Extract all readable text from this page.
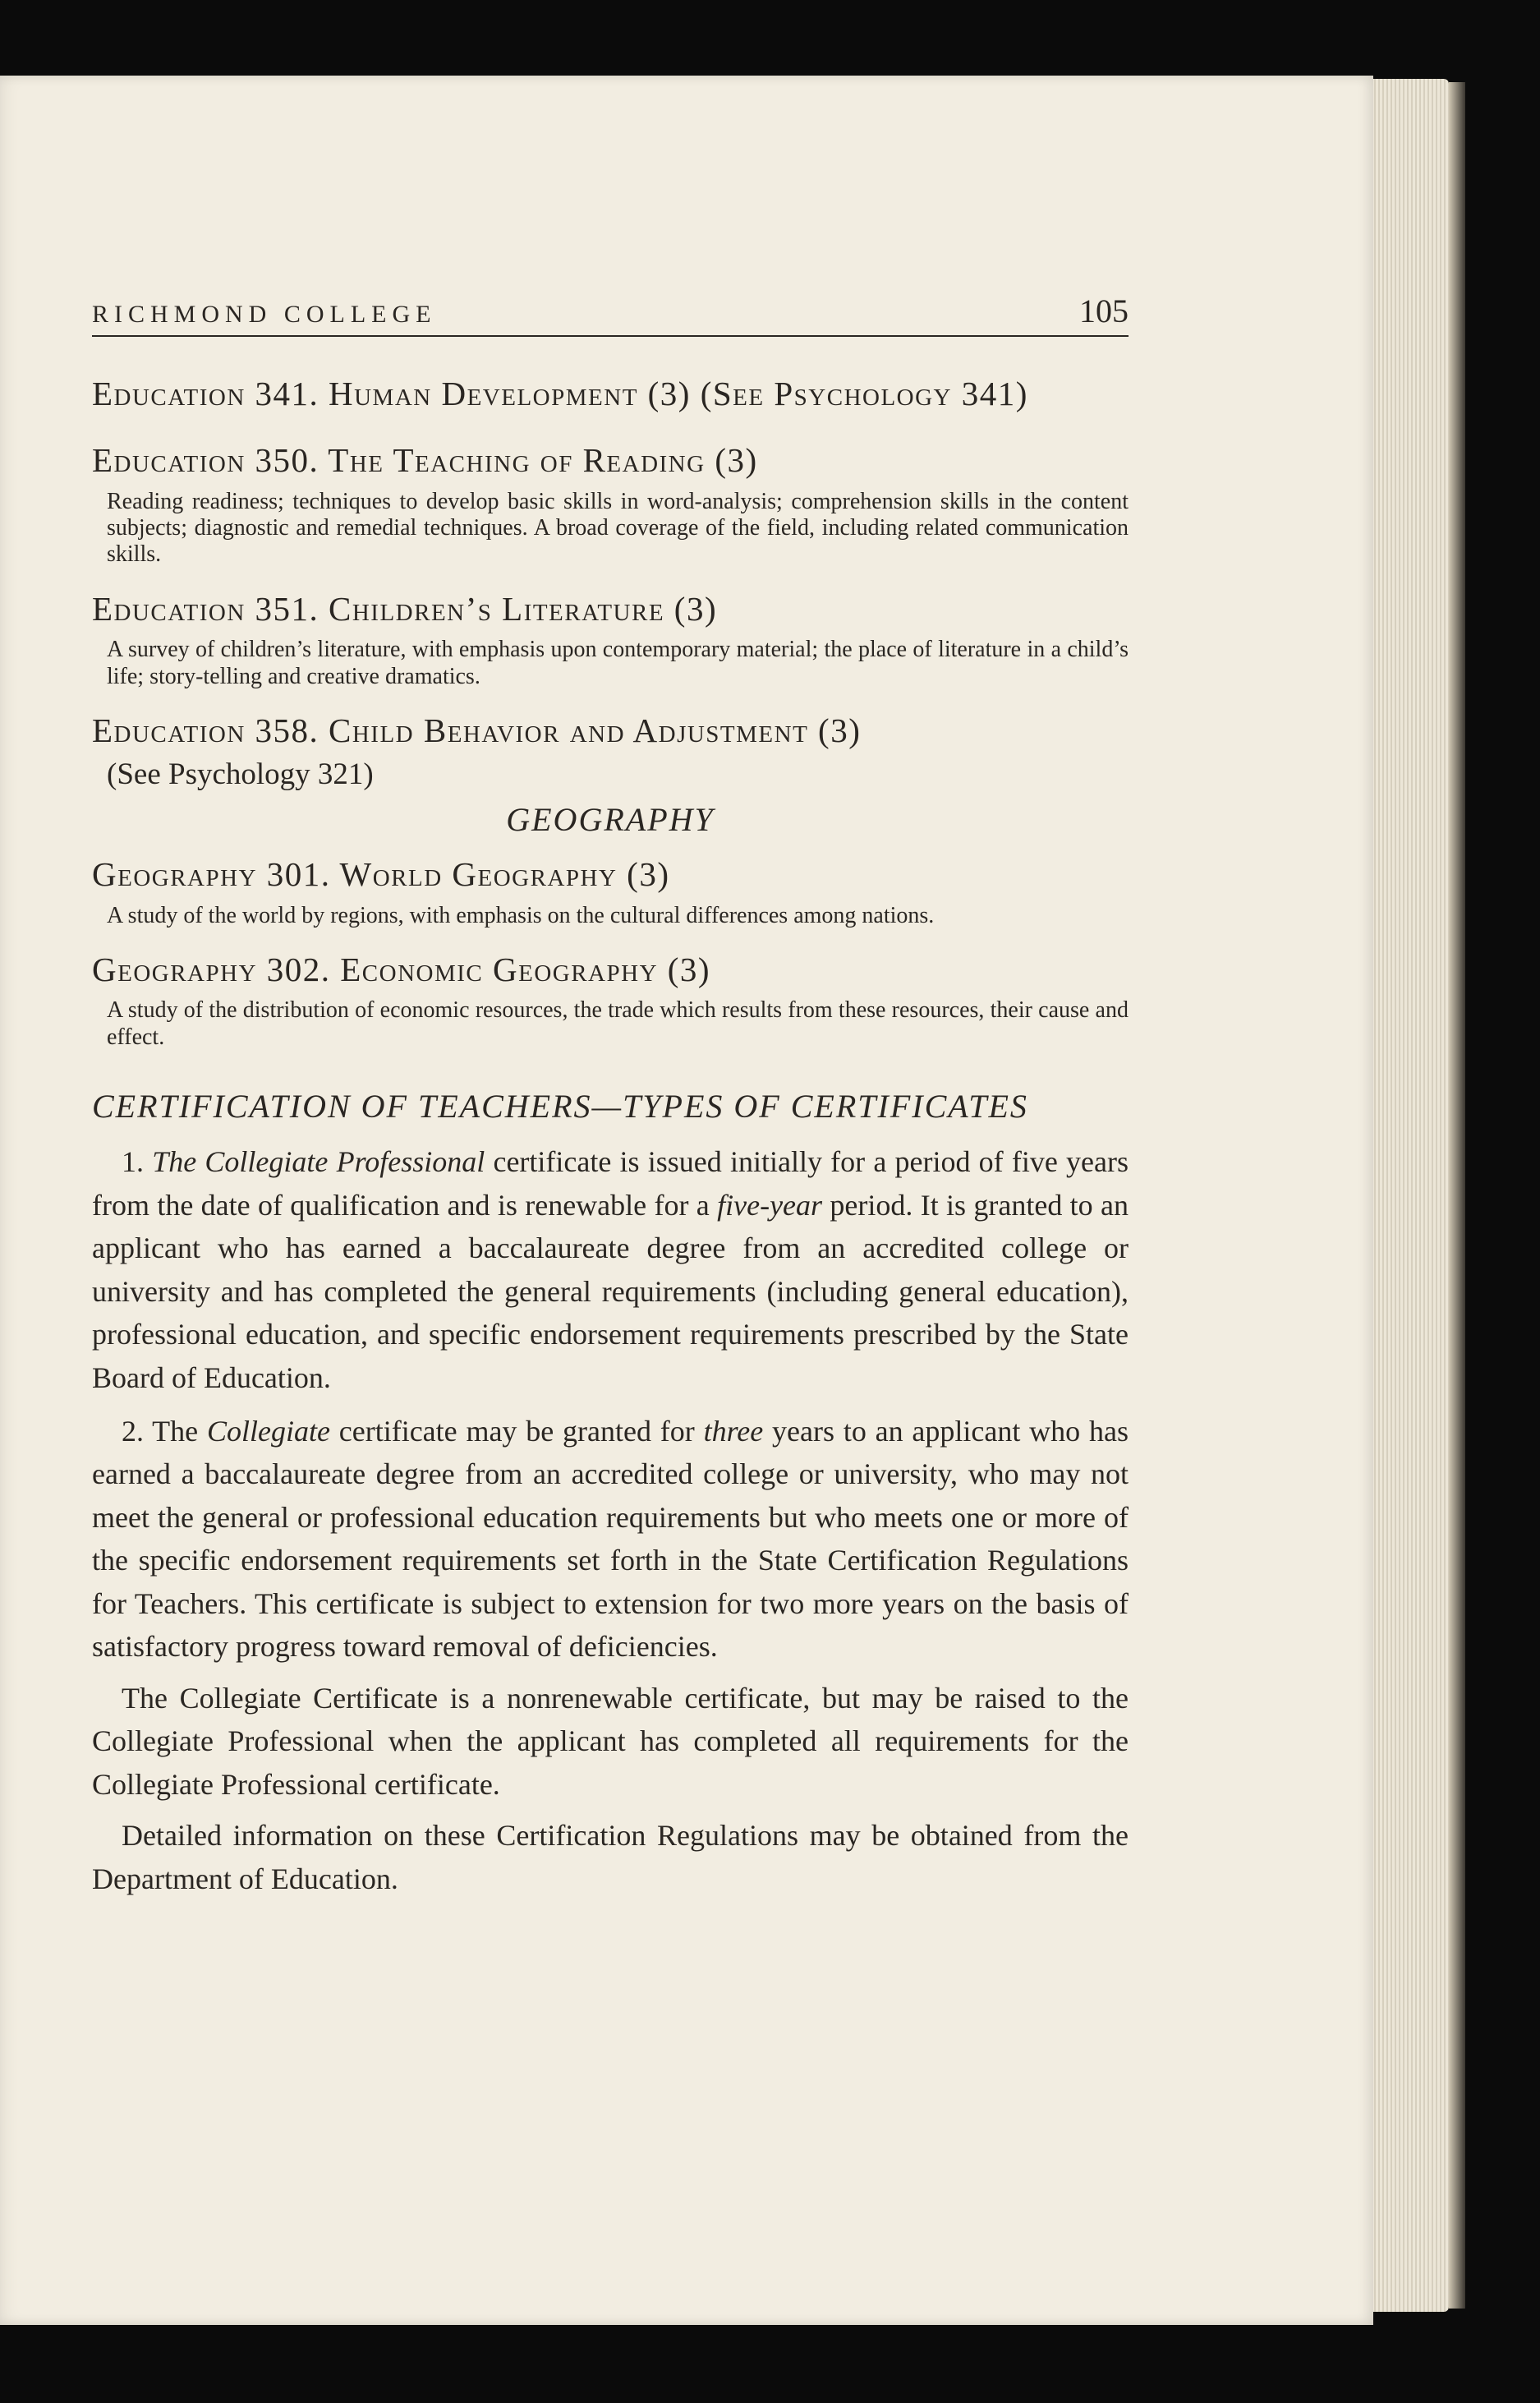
RICHMOND COLLEGE	105

Education 341. Human Development (3) (See Psychology 341)

Education 350. The Teaching of Reading (3)

Reading readiness; techniques to develop basic skills in word-analysis; comprehension skills in the content subjects; diagnostic and remedial techniques. A broad coverage of the field, including related communication skills.

Education 351. Children’s Literature (3)

A survey of children’s literature, with emphasis upon contemporary material; the place of literature in a child’s life; story-telling and creative dramatics.

Education 358. Child Behavior and Adjustment (3)

(See Psychology 321)

GEOGRAPHY

Geography 301. World Geography (3)

A study of the world by regions, with emphasis on the cultural differences among nations.

Geography 302. Economic Geography (3)

A study of the distribution of economic resources, the trade which results from these resources, their cause and effect.

CERTIFICATION OF TEACHERS—TYPES OF CERTIFICATES

1. The Collegiate Professional certificate is issued initially for a period of five years from the date of qualification and is renewable for a five-year period. It is granted to an applicant who has earned a baccalaureate degree from an accredited college or university and has completed the general requirements (including general education), professional education, and specific endorsement requirements prescribed by the State Board of Education.

2. The Collegiate certificate may be granted for three years to an applicant who has earned a baccalaureate degree from an accredited college or university, who may not meet the general or professional education requirements but who meets one or more of the specific endorsement requirements set forth in the State Certification Regulations for Teachers. This certificate is subject to extension for two more years on the basis of satisfactory progress toward removal of deficiencies.

The Collegiate Certificate is a nonrenewable certificate, but may be raised to the Collegiate Professional when the applicant has completed all requirements for the Collegiate Professional certificate.

Detailed information on these Certification Regulations may be obtained from the Department of Education.
